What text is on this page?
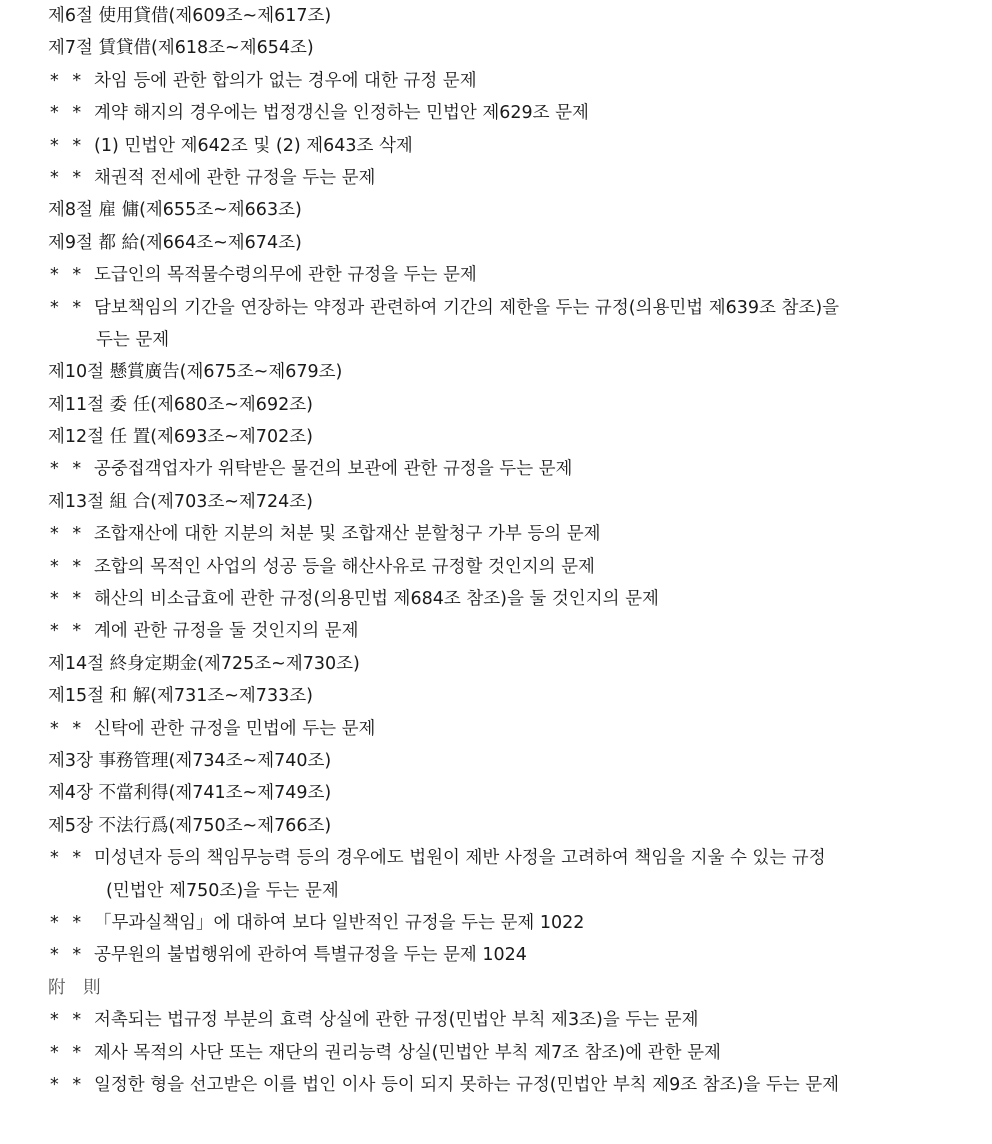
제6절 使用貸借(제609조~제617조)
제7절 賃貸借(제618조~제654조)
* * 차임 등에 관한 합의가 없는 경우에 대한 규정 문제
* * 계약 해지의 경우에는 법정갱신을 인정하는 민법안 제629조 문제
* * (1) 민법안 제642조 및 (2) 제643조 삭제
* * 채권적 전세에 관한 규정을 두는 문제
제8절 雇 傭(제655조~제663조)
제9절 都 給(제664조~제674조)
* * 도급인의 목적물수령의무에 관한 규정을 두는 문제
* * 담보책임의 기간을 연장하는 약정과 관련하여 기간의 제한을 두는 규정(의용민법 제639조 참조)을
두는 문제
제10절 懸賞廣告(제675조~제679조)
제11절 委 任(제680조~제692조)
제12절 任 置(제693조~제702조)
* * 공중접객업자가 위탁받은 물건의 보관에 관한 규정을 두는 문제
제13절 組 合(제703조~제724조)
* * 조합재산에 대한 지분의 처분 및 조합재산 분할청구 가부 등의 문제
* * 조합의 목적인 사업의 성공 등을 해산사유로 규정할 것인지의 문제
* * 해산의 비소급효에 관한 규정(의용민법 제684조 참조)을 둘 것인지의 문제
* * 계에 관한 규정을 둘 것인지의 문제
제14절 終身定期金(제725조~제730조)
제15절 和 解(제731조~제733조)
* * 신탁에 관한 규정을 민법에 두는 문제
제3장 事務管理(제734조~제740조)
제4장 不當利得(제741조~제749조)
제5장 不法行爲(제750조~제766조)
* * 미성년자 등의 책임무능력 등의 경우에도 법원이 제반 사정을 고려하여 책임을 지울 수 있는 규정
(민법안 제750조)을 두는 문제
* * 「무과실책임」에 대하여 보다 일반적인 규정을 두는 문제 1022
* * 공무원의 불법행위에 관하여 특별규정을 두는 문제 1024
附 則
* * 저촉되는 법규정 부분의 효력 상실에 관한 규정(민법안 부칙 제3조)을 두는 문제
* * 제사 목적의 사단 또는 재단의 권리능력 상실(민법안 부칙 제7조 참조)에 관한 문제
* * 일정한 형을 선고받은 이를 법인 이사 등이 되지 못하는 규정(민법안 부칙 제9조 참조)을 두는 문제
